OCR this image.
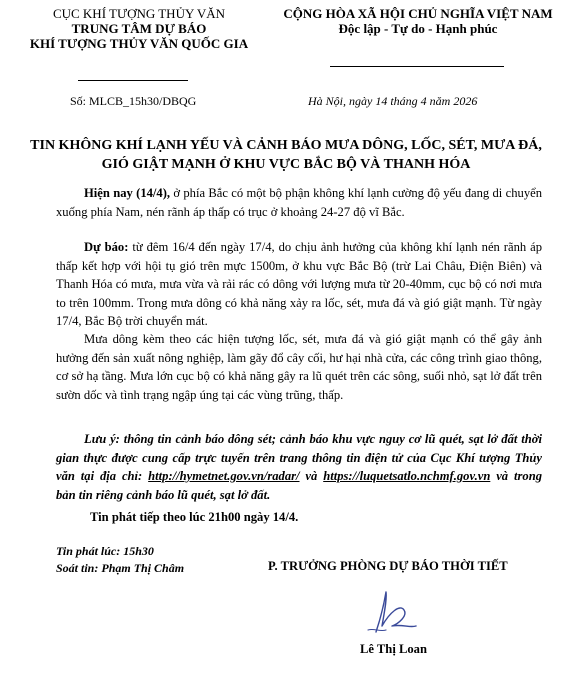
CỤC KHÍ TƯỢNG THỦY VĂN
TRUNG TÂM DỰ BÁO
KHÍ TƯỢNG THỦY VĂN QUỐC GIA
CỘNG HÒA XÃ HỘI CHỦ NGHĨA VIỆT NAM
Độc lập - Tự do - Hạnh phúc
Số: MLCB_15h30/DBQG	Hà Nội, ngày 14 tháng 4 năm 2026
TIN KHÔNG KHÍ LẠNH YẾU VÀ CẢNH BÁO MƯA DÔNG, LỐC, SÉT, MƯA ĐÁ,
GIÓ GIẬT MẠNH Ở KHU VỰC BẮC BỘ VÀ THANH HÓA
Hiện nay (14/4), ở phía Bắc có một bộ phận không khí lạnh cường độ yếu đang di chuyển xuống phía Nam, nén rãnh áp thấp có trục ở khoảng 24-27 độ vĩ Bắc.
Dự báo: từ đêm 16/4 đến ngày 17/4, do chịu ảnh hưởng của không khí lạnh nén rãnh áp thấp kết hợp với hội tụ gió trên mực 1500m, ở khu vực Bắc Bộ (trừ Lai Châu, Điện Biên) và Thanh Hóa có mưa, mưa vừa và rải rác có dông với lượng mưa từ 20-40mm, cục bộ có nơi mưa to trên 100mm. Trong mưa dông có khả năng xảy ra lốc, sét, mưa đá và gió giật mạnh. Từ ngày 17/4, Bắc Bộ trời chuyển mát.
Mưa dông kèm theo các hiện tượng lốc, sét, mưa đá và gió giật mạnh có thể gây ảnh hưởng đến sản xuất nông nghiệp, làm gãy đổ cây cối, hư hại nhà cửa, các công trình giao thông, cơ sở hạ tầng. Mưa lớn cục bộ có khả năng gây ra lũ quét trên các sông, suối nhỏ, sạt lở đất trên sườn dốc và tình trạng ngập úng tại các vùng trũng, thấp.
Lưu ý: thông tin cảnh báo dông sét; cảnh báo khu vực nguy cơ lũ quét, sạt lở đất thời gian thực được cung cấp trực tuyến trên trang thông tin điện tử của Cục Khí tượng Thủy văn tại địa chỉ: http://hymetnet.gov.vn/radar/ và https://luquetsatlo.nchmf.gov.vn và trong bản tin riêng cảnh báo lũ quét, sạt lở đất.
Tin phát tiếp theo lúc 21h00 ngày 14/4.
Tin phát lúc: 15h30
Soát tin: Phạm Thị Châm	P. TRƯỞNG PHÒNG DỰ BÁO THỜI TIẾT
Lê Thị Loan
